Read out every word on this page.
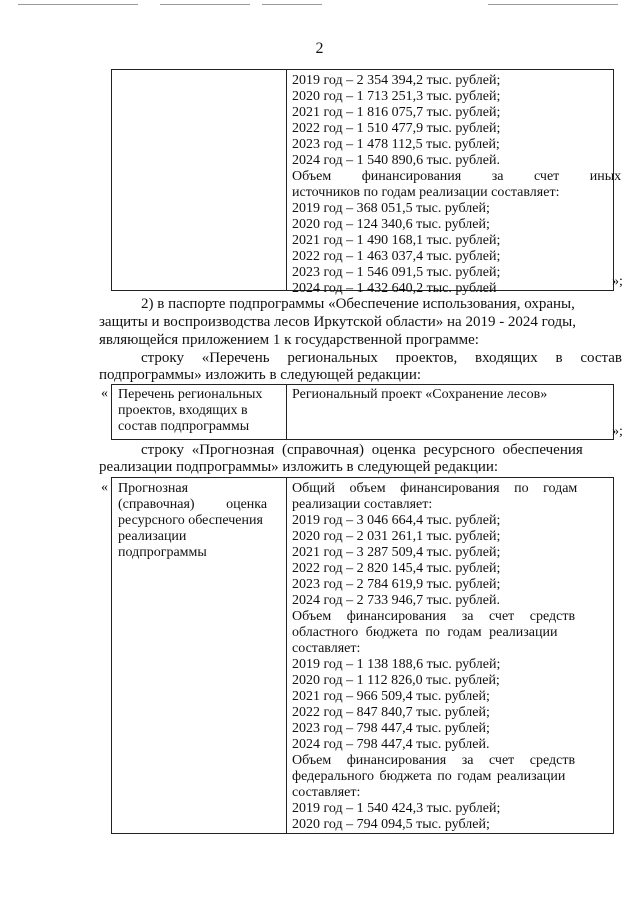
2
2019 год – 2 354 394,2 тыс. рублей;
2020 год – 1 713 251,3 тыс. рублей;
2021 год – 1 816 075,7 тыс. рублей;
2022 год – 1 510 477,9 тыс. рублей;
2023 год – 1 478 112,5 тыс. рублей;
2024 год – 1 540 890,6 тыс. рублей.
Объем финансирования за счет иных
источников по годам реализации составляет:
2019 год – 368 051,5 тыс. рублей;
2020 год – 124 340,6 тыс. рублей;
2021 год – 1 490 168,1 тыс. рублей;
2022 год – 1 463 037,4 тыс. рублей;
2023 год – 1 546 091,5 тыс. рублей;
2024 год – 1 432 640,2 тыс. рублей	»;
2) в паспорте подпрограммы «Обеспечение использования, охраны,
защиты и воспроизводства лесов Иркутской области» на 2019 - 2024 годы,
являющейся приложением 1 к государственной программе:
строку «Перечень региональных проектов, входящих в состав
подпрограммы» изложить в следующей редакции:
« Перечень региональных
проектов, входящих в
состав подпрограммы
Региональный проект «Сохранение лесов»
»;
строку «Прогнозная (справочная) оценка ресурсного обеспечения
реализации подпрограммы» изложить в следующей редакции:
« Прогнозная
(справочная) оценка
ресурсного обеспечения
реализации
подпрограммы
Общий объем финансирования по годам
реализации составляет:
2019 год – 3 046 664,4 тыс. рублей;
2020 год – 2 031 261,1 тыс. рублей;
2021 год – 3 287 509,4 тыс. рублей;
2022 год – 2 820 145,4 тыс. рублей;
2023 год – 2 784 619,9 тыс. рублей;
2024 год – 2 733 946,7 тыс. рублей.
Объем финансирования за счет средств
областного бюджета по годам реализации
составляет:
2019 год – 1 138 188,6 тыс. рублей;
2020 год – 1 112 826,0 тыс. рублей;
2021 год – 966 509,4 тыс. рублей;
2022 год – 847 840,7 тыс. рублей;
2023 год – 798 447,4 тыс. рублей;
2024 год – 798 447,4 тыс. рублей.
Объем финансирования за счет средств
федерального бюджета по годам реализации
составляет:
2019 год – 1 540 424,3 тыс. рублей;
2020 год – 794 094,5 тыс. рублей;
